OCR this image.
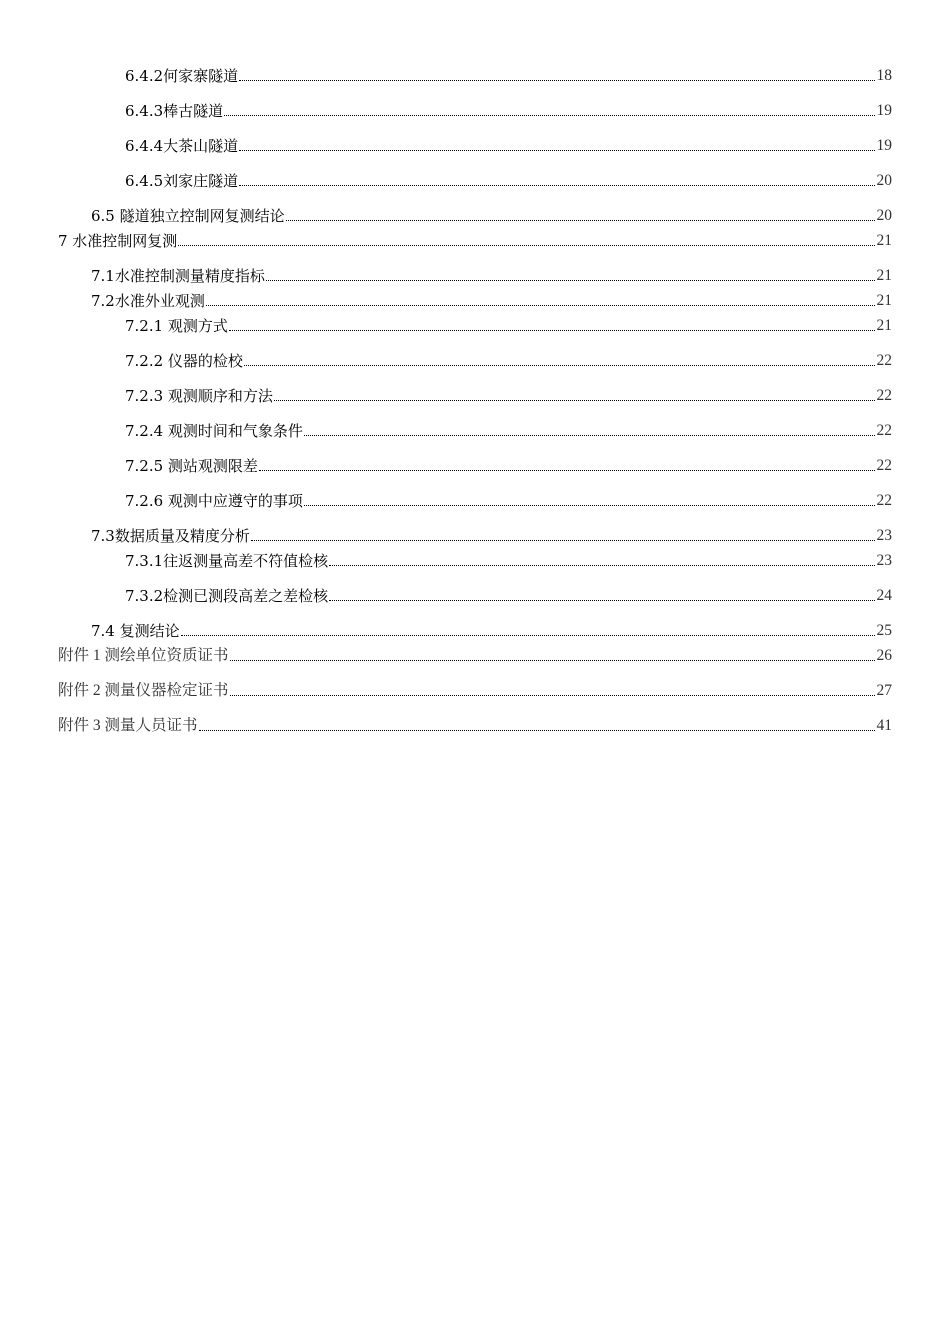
6.4.2何家寨隧道	18
6.4.3棒古隧道	19
6.4.4大茶山隧道	19
6.4.5刘家庄隧道	20
6.5 隧道独立控制网复测结论	20
7 水准控制网复测	21
7.1水准控制测量精度指标	21
7.2水准外业观测	21
7.2.1 观测方式	21
7.2.2 仪器的检校	22
7.2.3 观测顺序和方法	22
7.2.4 观测时间和气象条件	22
7.2.5 测站观测限差	22
7.2.6 观测中应遵守的事项	22
7.3数据质量及精度分析	23
7.3.1往返测量高差不符值检核	23
7.3.2检测已测段高差之差检核	24
7.4 复测结论	25
附件 1 测绘单位资质证书	26
附件 2 测量仪器检定证书	27
附件 3 测量人员证书	41
